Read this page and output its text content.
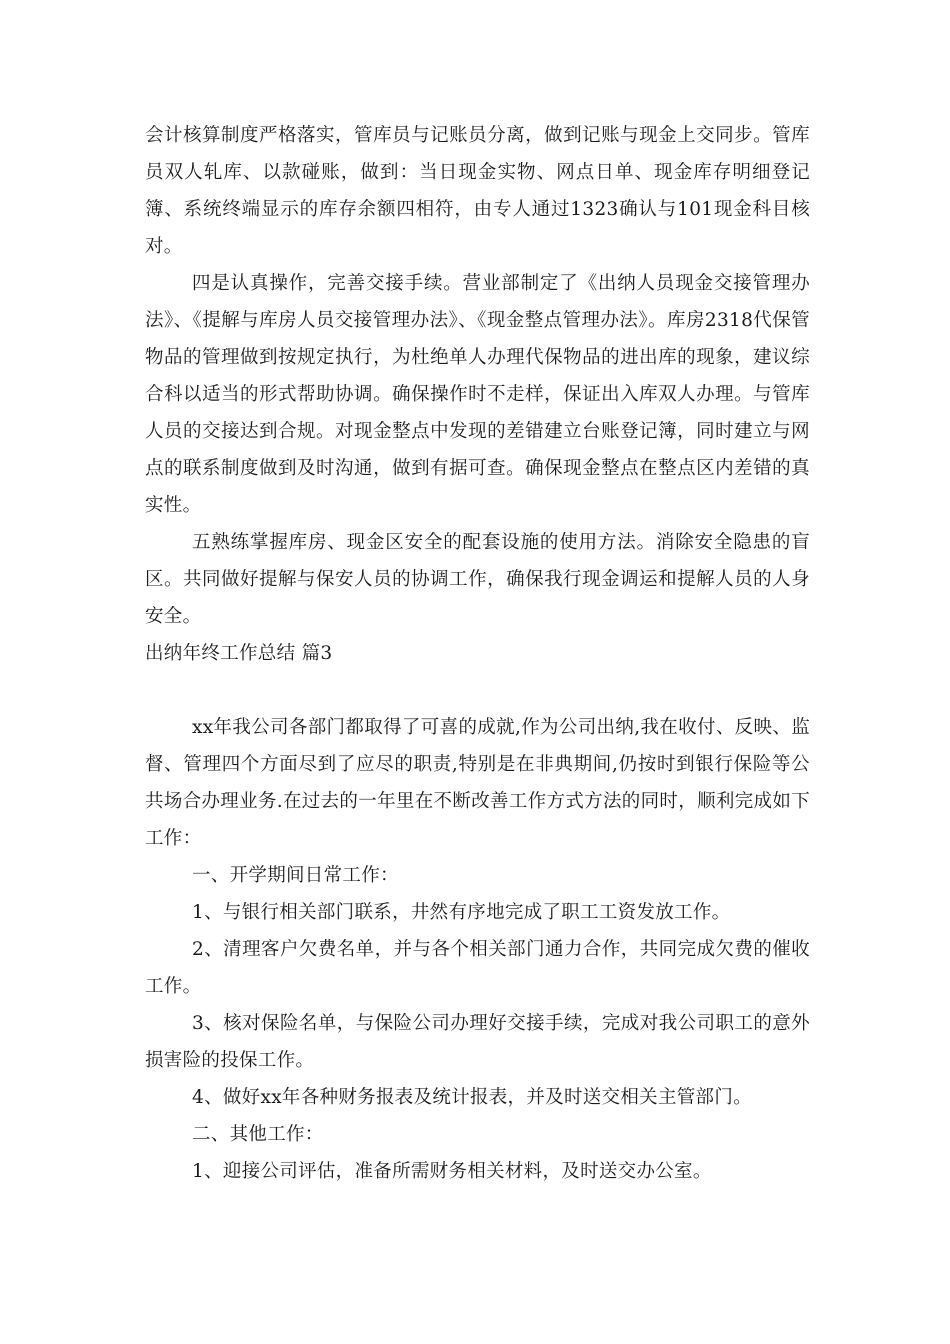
会计核算制度严格落实，管库员与记账员分离，做到记账与现金上交同步。管库员双人轧库、以款碰账，做到：当日现金实物、网点日单、现金库存明细登记簿、系统终端显示的库存余额四相符，由专人通过1323确认与101现金科目核对。

四是认真操作，完善交接手续。营业部制定了《出纳人员现金交接管理办法》、《提解与库房人员交接管理办法》、《现金整点管理办法》。库房2318代保管物品的管理做到按规定执行，为杜绝单人办理代保物品的进出库的现象，建议综合科以适当的形式帮助协调。确保操作时不走样，保证出入库双人办理。与管库人员的交接达到合规。对现金整点中发现的差错建立台账登记簿，同时建立与网点的联系制度做到及时沟通，做到有据可查。确保现金整点在整点区内差错的真实性。

五熟练掌握库房、现金区安全的配套设施的使用方法。消除安全隐患的盲区。共同做好提解与保安人员的协调工作，确保我行现金调运和提解人员的人身安全。

出纳年终工作总结 篇3

xx年我公司各部门都取得了可喜的成就,作为公司出纳,我在收付、反映、监督、管理四个方面尽到了应尽的职责,特别是在非典期间,仍按时到银行保险等公共场合办理业务.在过去的一年里在不断改善工作方式方法的同时，顺利完成如下工作：

一、开学期间日常工作：

1、与银行相关部门联系，井然有序地完成了职工工资发放工作。

2、清理客户欠费名单，并与各个相关部门通力合作，共同完成欠费的催收工作。

3、核对保险名单，与保险公司办理好交接手续，完成对我公司职工的意外损害险的投保工作。

4、做好xx年各种财务报表及统计报表，并及时送交相关主管部门。

二、其他工作：

1、迎接公司评估，准备所需财务相关材料，及时送交办公室。
